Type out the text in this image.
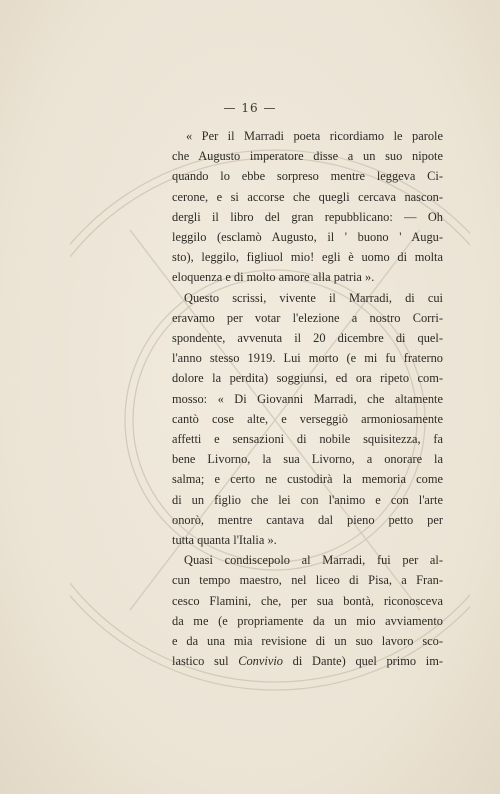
— 16 —

« Per il Marradi poeta ricordiamo le parole
che Augusto imperatore disse a un suo nipote
quando lo ebbe sorpreso mentre leggeva Ci-
cerone, e si accorse che quegli cercava nascon-
dergli il libro del gran repubblicano: — Oh
leggilo (esclamò Augusto, il ' buono ' Augu-
sto), leggilo, figliuol mio! egli è uomo di molta
eloquenza e di molto amore alla patria ».

Questo scrissi, vivente il Marradi, di cui
eravamo per votar l'elezione a nostro Corri-
spondente, avvenuta il 20 dicembre di quel-
l'anno stesso 1919. Lui morto (e mi fu fraterno
dolore la perdita) soggiunsi, ed ora ripeto com-
mosso: « Di Giovanni Marradi, che altamente
cantò cose alte, e verseggiò armoniosamente
affetti e sensazioni di nobile squisitezza, fa
bene Livorno, la sua Livorno, a onorare la
salma; e certo ne custodirà la memoria come
di un figlio che lei con l'animo e con l'arte
onorò, mentre cantava dal pieno petto per
tutta quanta l'Italia ».

Quasi condiscepolo al Marradi, fui per al-
cun tempo maestro, nel liceo di Pisa, a Fran-
cesco Flamini, che, per sua bontà, riconosceva
da me (e propriamente da un mio avviamento
e da una mia revisione di un suo lavoro sco-
lastico sul Convivio di Dante) quel primo im-
